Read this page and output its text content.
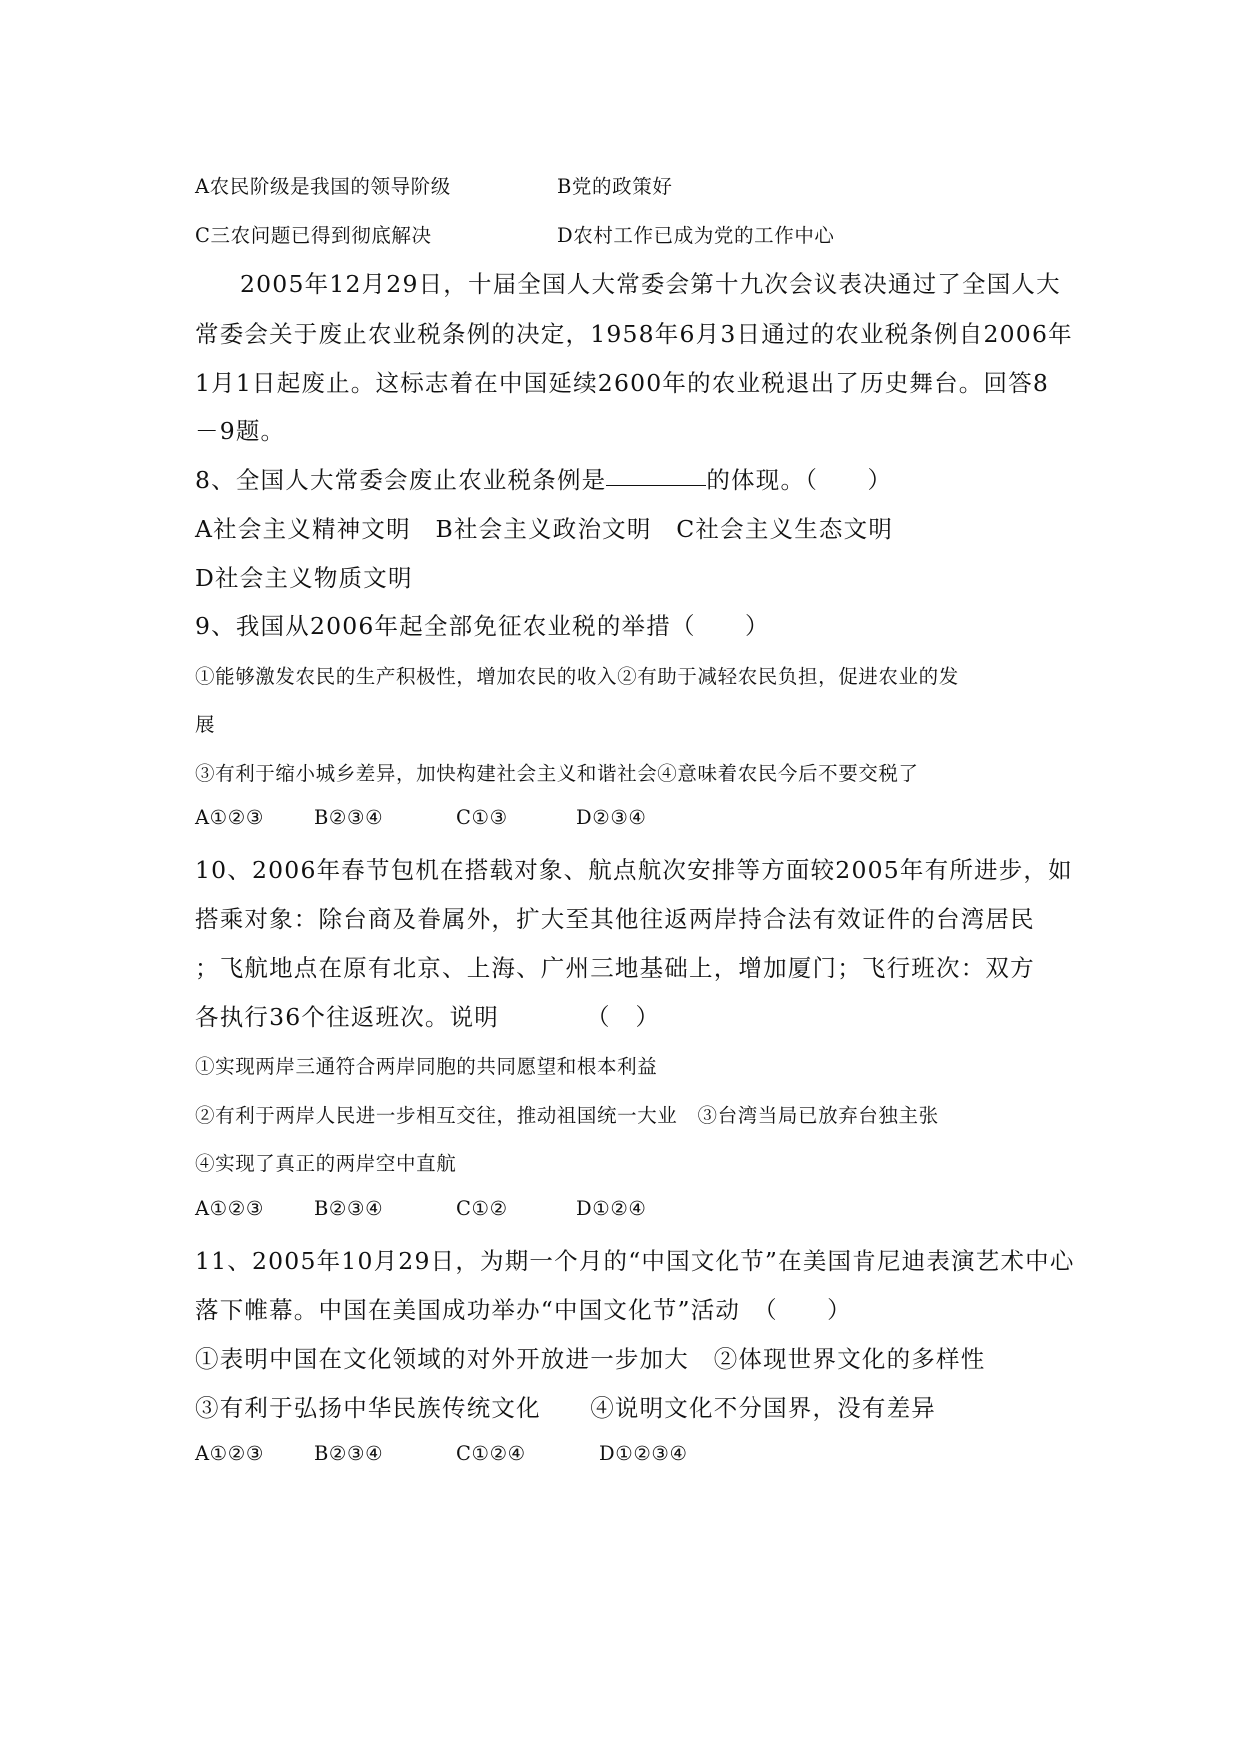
A农民阶级是我国的领导阶级	B党的政策好
C三农问题已得到彻底解决	D农村工作已成为党的工作中心
2005年12月29日，十届全国人大常委会第十九次会议表决通过了全国人大
常委会关于废止农业税条例的决定，1958年6月3日通过的农业税条例自2006年
1月1日起废止。这标志着在中国延续2600年的农业税退出了历史舞台。回答8
－9题。
8、全国人大常委会废止农业税条例是	的体现。（　　）
A社会主义精神文明　B社会主义政治文明　C社会主义生态文明
D社会主义物质文明
9、我国从2006年起全部免征农业税的举措（　　）
①能够激发农民的生产积极性，增加农民的收入②有助于减轻农民负担，促进农业的发
展
③有利于缩小城乡差异，加快构建社会主义和谐社会④意味着农民今后不要交税了
A①②③	B②③④	C①③	D②③④
10、2006年春节包机在搭载对象、航点航次安排等方面较2005年有所进步，如
搭乘对象：除台商及眷属外，扩大至其他往返两岸持合法有效证件的台湾居民
；飞航地点在原有北京、上海、广州三地基础上，增加厦门；飞行班次：双方
各执行36个往返班次。说明　　　　（　）
①实现两岸三通符合两岸同胞的共同愿望和根本利益
②有利于两岸人民进一步相互交往，推动祖国统一大业　③台湾当局已放弃台独主张
④实现了真正的两岸空中直航
A①②③	B②③④	C①②	D①②④
11、2005年10月29日，为期一个月的“中国文化节”在美国肯尼迪表演艺术中心
落下帷幕。中国在美国成功举办“中国文化节”活动　（　　）
①表明中国在文化领域的对外开放进一步加大　②体现世界文化的多样性
③有利于弘扬中华民族传统文化　　④说明文化不分国界，没有差异
A①②③	B②③④	C①②④	D①②③④
